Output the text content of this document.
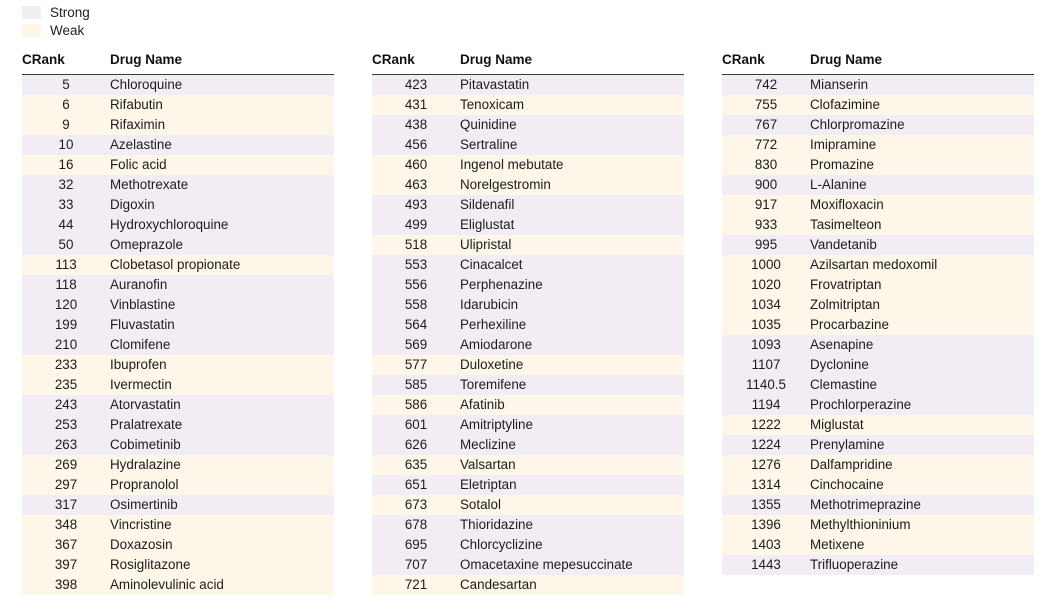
Strong
Weak
CRank	Drug Name
5	Chloroquine
6	Rifabutin
9	Rifaximin
10	Azelastine
16	Folic acid
32	Methotrexate
33	Digoxin
44	Hydroxychloroquine
50	Omeprazole
113	Clobetasol propionate
118	Auranofin
120	Vinblastine
199	Fluvastatin
210	Clomifene
233	Ibuprofen
235	Ivermectin
243	Atorvastatin
253	Pralatrexate
263	Cobimetinib
269	Hydralazine
297	Propranolol
317	Osimertinib
348	Vincristine
367	Doxazosin
397	Rosiglitazone
398	Aminolevulinic acid
CRank	Drug Name
423	Pitavastatin
431	Tenoxicam
438	Quinidine
456	Sertraline
460	Ingenol mebutate
463	Norelgestromin
493	Sildenafil
499	Eliglustat
518	Ulipristal
553	Cinacalcet
556	Perphenazine
558	Idarubicin
564	Perhexiline
569	Amiodarone
577	Duloxetine
585	Toremifene
586	Afatinib
601	Amitriptyline
626	Meclizine
635	Valsartan
651	Eletriptan
673	Sotalol
678	Thioridazine
695	Chlorcyclizine
707	Omacetaxine mepesuccinate
721	Candesartan
CRank	Drug Name
742	Mianserin
755	Clofazimine
767	Chlorpromazine
772	Imipramine
830	Promazine
900	L-Alanine
917	Moxifloxacin
933	Tasimelteon
995	Vandetanib
1000	Azilsartan medoxomil
1020	Frovatriptan
1034	Zolmitriptan
1035	Procarbazine
1093	Asenapine
1107	Dyclonine
1140.5	Clemastine
1194	Prochlorperazine
1222	Miglustat
1224	Prenylamine
1276	Dalfampridine
1314	Cinchocaine
1355	Methotrimeprazine
1396	Methylthioninium
1403	Metixene
1443	Trifluoperazine
